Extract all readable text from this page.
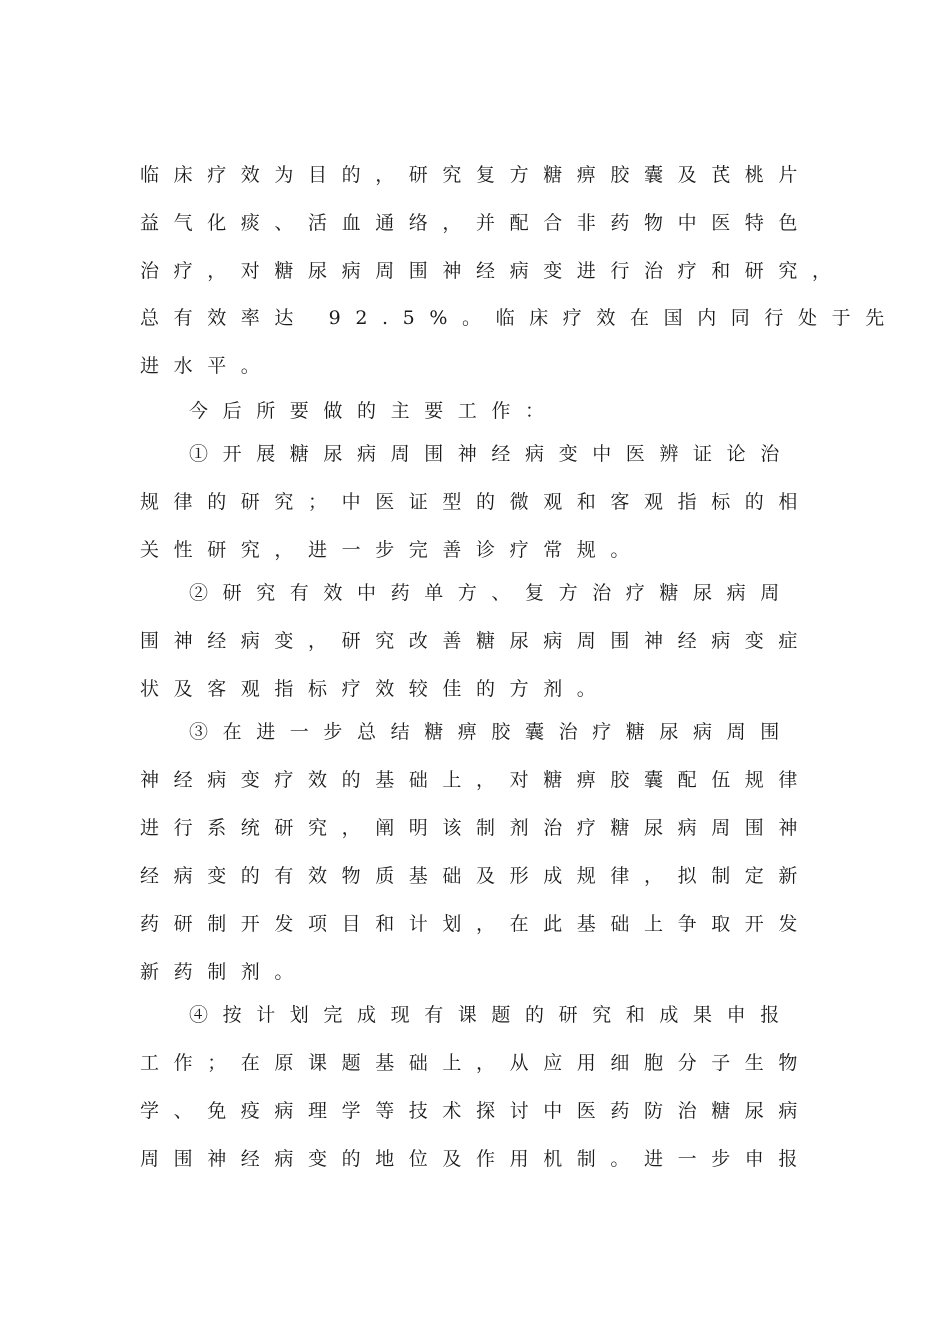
临床疗效为目的，研究复方糖痹胶囊及芪桃片
益气化痰、活血通络，并配合非药物中医特色
治疗，对糖尿病周围神经病变进行治疗和研究，
总有效率达 92.5%。临床疗效在国内同行处于先
进水平。
今后所要做的主要工作：
①开展糖尿病周围神经病变中医辨证论治
规律的研究；中医证型的微观和客观指标的相
关性研究，进一步完善诊疗常规。
②研究有效中药单方、复方治疗糖尿病周
围神经病变，研究改善糖尿病周围神经病变症
状及客观指标疗效较佳的方剂。
③在进一步总结糖痹胶囊治疗糖尿病周围
神经病变疗效的基础上，对糖痹胶囊配伍规律
进行系统研究，阐明该制剂治疗糖尿病周围神
经病变的有效物质基础及形成规律，拟制定新
药研制开发项目和计划，在此基础上争取开发
新药制剂。
④按计划完成现有课题的研究和成果申报
工作；在原课题基础上，从应用细胞分子生物
学、免疫病理学等技术探讨中医药防治糖尿病
周围神经病变的地位及作用机制。进一步申报
